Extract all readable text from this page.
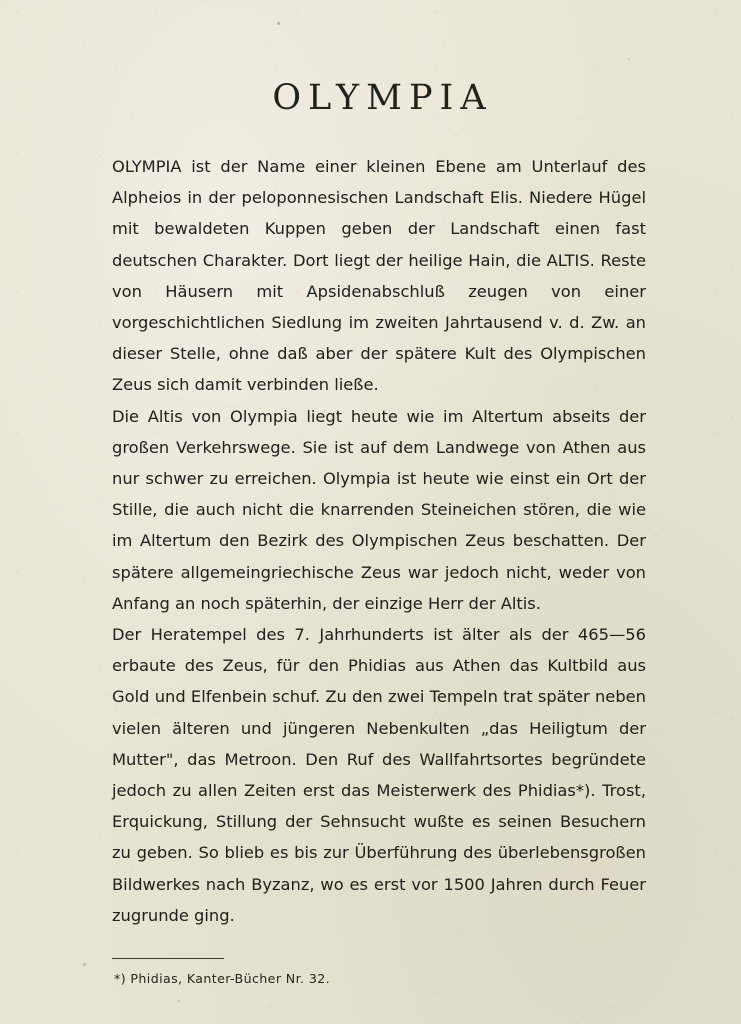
OLYMPIA

OLYMPIA ist der Name einer kleinen Ebene am Unterlauf des Alpheios in der peloponnesischen Landschaft Elis. Niedere Hügel mit bewaldeten Kuppen geben der Landschaft einen fast deutschen Charakter. Dort liegt der heilige Hain, die ALTIS. Reste von Häusern mit Apsidenabschluß zeugen von einer vorgeschichtlichen Siedlung im zweiten Jahrtausend v. d. Zw. an dieser Stelle, ohne daß aber der spätere Kult des Olympischen Zeus sich damit verbinden ließe.

Die Altis von Olympia liegt heute wie im Altertum abseits der großen Verkehrswege. Sie ist auf dem Landwege von Athen aus nur schwer zu erreichen. Olympia ist heute wie einst ein Ort der Stille, die auch nicht die knarrenden Steineichen stören, die wie im Altertum den Bezirk des Olympischen Zeus beschatten. Der spätere allgemeingriechische Zeus war jedoch nicht, weder von Anfang an noch späterhin, der einzige Herr der Altis.

Der Heratempel des 7. Jahrhunderts ist älter als der 465—56 erbaute des Zeus, für den Phidias aus Athen das Kultbild aus Gold und Elfenbein schuf. Zu den zwei Tempeln trat später neben vielen älteren und jüngeren Nebenkulten „das Heiligtum der Mutter", das Metroon. Den Ruf des Wallfahrtsortes begründete jedoch zu allen Zeiten erst das Meisterwerk des Phidias*). Trost, Erquickung, Stillung der Sehnsucht wußte es seinen Besuchern zu geben. So blieb es bis zur Überführung des überlebensgroßen Bildwerkes nach Byzanz, wo es erst vor 1500 Jahren durch Feuer zugrunde ging.

*) Phidias, Kanter-Bücher Nr. 32.
